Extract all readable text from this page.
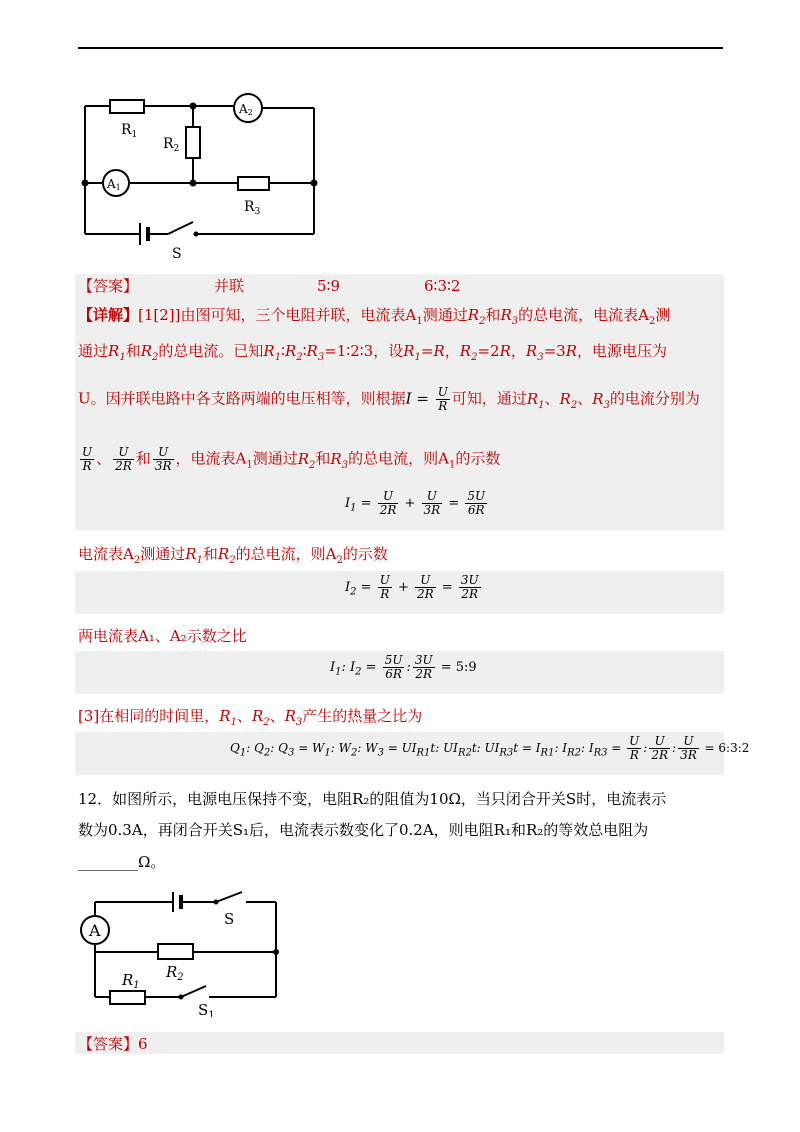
$R_1$
$R_2$
$R_3$
A1
A2
S
【答案】	并联	5∶9	6∶3∶2
【详解】[1[2]]由图可知，三个电阻并联，电流表$A_1$测通过$R_2$和$R_3$的总电流，电流表$A_2$测
通过$R_1$和$R_2$的总电流。已知$R_1∶R_2∶R_3=1∶2∶3$，设$R_1=R$，$R_2=2R$，$R_3=3R$，电源电压为
U。因并联电路中各支路两端的电压相等，则根据$I = \frac{U}{R}$ 可知，通过$R_1$、$R_2$、$R_3$的电流分别为
$\frac{U}{R}$ 、 $\frac{U}{2R}$ 和 $\frac{U}{3R}$ ，电流表$A_1$测通过$R_2$和$R_3$的总电流，则$A_1$的示数
$I_1 = \frac{U}{2R} + \frac{U}{3R} = \frac{5U}{6R}$
电流表$A_2$测通过$R_1$和$R_2$的总电流，则$A_2$的示数
$I_2 = \frac{U}{R} + \frac{U}{2R} = \frac{3U}{2R}$
两电流表A₁、A₂示数之比
$I_1$: $I_2 = \frac{5U}{6R}$ : $\frac{3U}{2R}$ = 5:9
[3]在相同的时间里，$R_1$、$R_2$、$R_3$产生的热量之比为
$Q_1$: $Q_2$: $Q_3 = W_1$: $W_2$: $W_3 = UI_{R1}t$: $UI_{R2}t$: $UI_{R3}t = I_{R1}$: $I_{R2}$: $I_{R3} = \frac{U}{R}$ : $\frac{U}{2R}$ : $\frac{U}{3R}$ = 6:3:2
12．如图所示，电源电压保持不变，电阻R₂的阻值为10Ω，当只闭合开关S时，电流表示
数为0.3A，再闭合开关S₁后，电流表示数变化了0.2A，则电阻R₁和R₂的等效总电阻为
________Ω。
A
S
$S_1$
$R_1$
$R_2$
【答案】6
